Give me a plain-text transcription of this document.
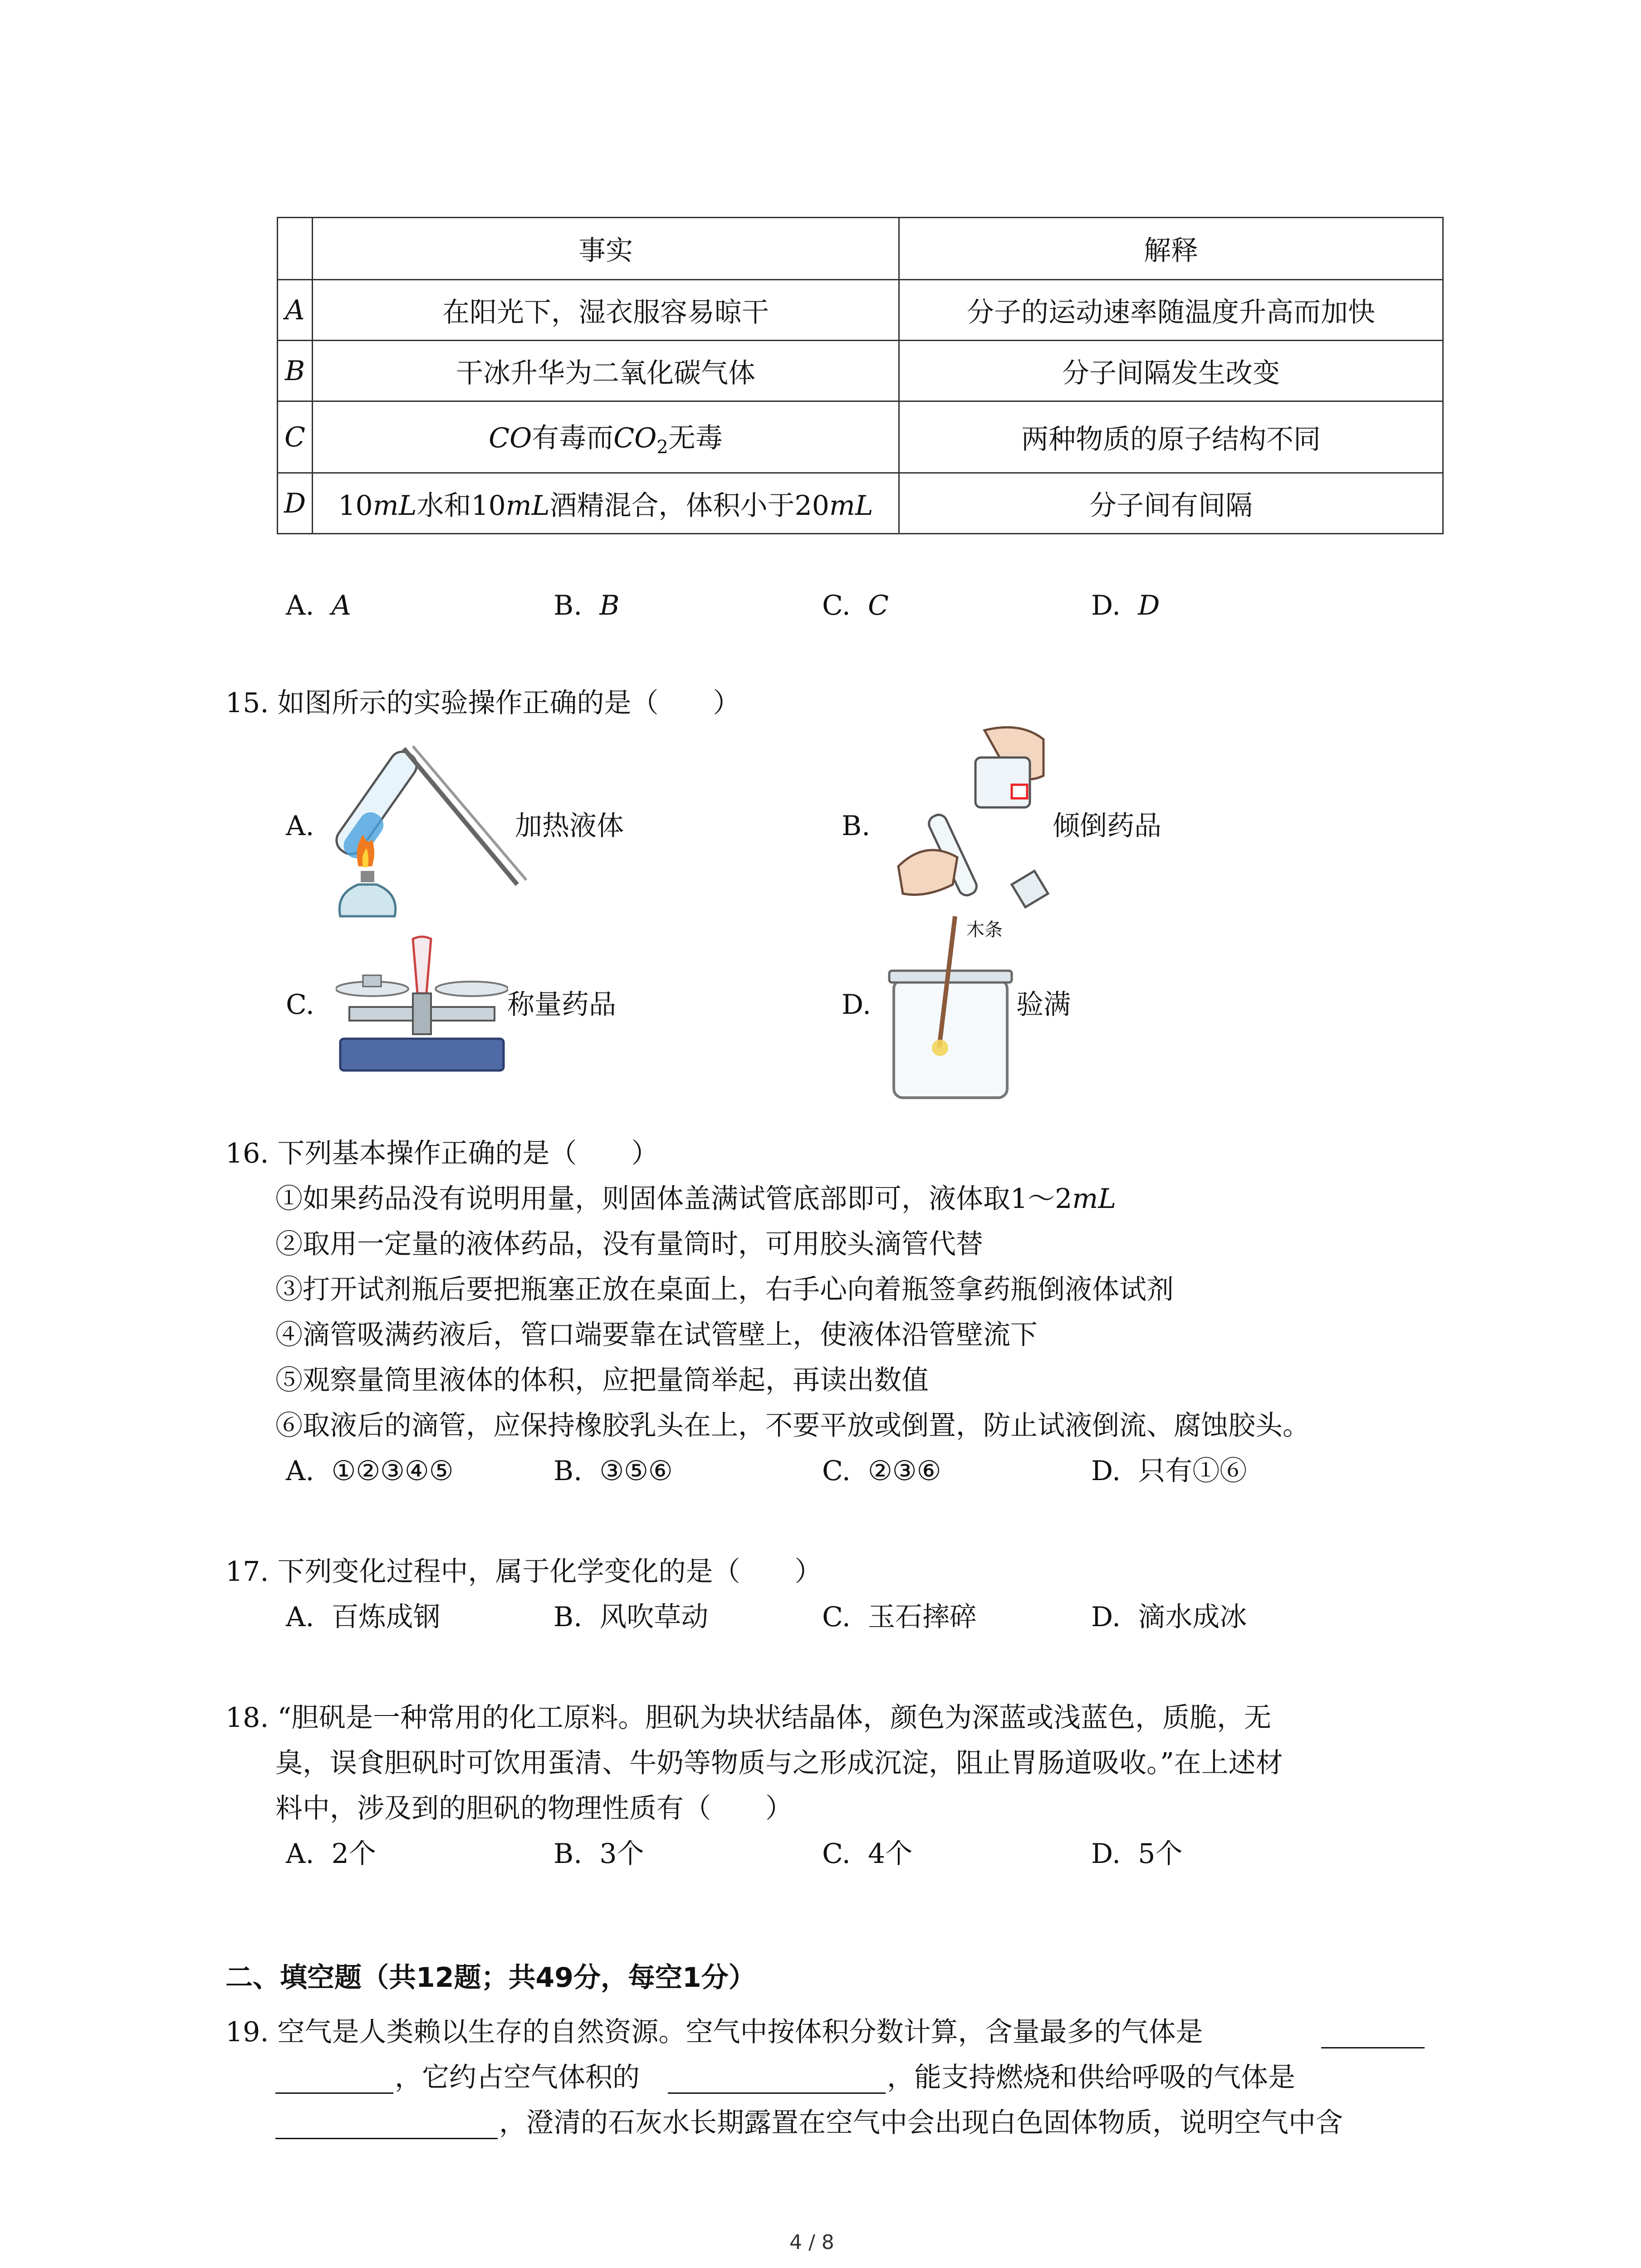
	事实	解释
A	在阳光下，湿衣服容易晾干	分子的运动速率随温度升高而加快
B	干冰升华为二氧化碳气体	分子间隔发生改变
C	CO有毒而$CO_2$无毒	两种物质的原子结构不同
D	10mL水和10mL酒精混合，体积小于20mL	分子间有间隔
A. A	B. B	C. C	D. D
15. 如图所示的实验操作正确的是（　　）
A.	加热液体	B.	倾倒药品
C.	称量药品	D.
木条
验满
16. 下列基本操作正确的是（　　）
①如果药品没有说明用量，则固体盖满试管底部即可，液体取1～2mL
②取用一定量的液体药品，没有量筒时，可用胶头滴管代替
③打开试剂瓶后要把瓶塞正放在桌面上，右手心向着瓶签拿药瓶倒液体试剂
④滴管吸满药液后，管口端要靠在试管壁上，使液体沿管壁流下
⑤观察量筒里液体的体积，应把量筒举起，再读出数值
⑥取液后的滴管，应保持橡胶乳头在上，不要平放或倒置，防止试液倒流、腐蚀胶头。
A. ①②③④⑤	B. ③⑤⑥	C. ②③⑥	D. 只有①⑥
17. 下列变化过程中，属于化学变化的是（　　）
A. 百炼成钢	B. 风吹草动	C. 玉石摔碎	D. 滴水成冰
18. “胆矾是一种常用的化工原料。胆矾为块状结晶体，颜色为深蓝或浅蓝色，质脆，无
臭，误食胆矾时可饮用蛋清、牛奶等物质与之形成沉淀，阻止胃肠道吸收。”在上述材
料中，涉及到的胆矾的物理性质有（　　）
A. 2个	B. 3个	C. 4个	D. 5个
二、填空题（共12题；共49分，每空1分）
19. 空气是人类赖以生存的自然资源。空气中按体积分数计算，含量最多的气体是
，它约占空气体积的	，能支持燃烧和供给呼吸的气体是
，澄清的石灰水长期露置在空气中会出现白色固体物质，说明空气中含
4 / 8
